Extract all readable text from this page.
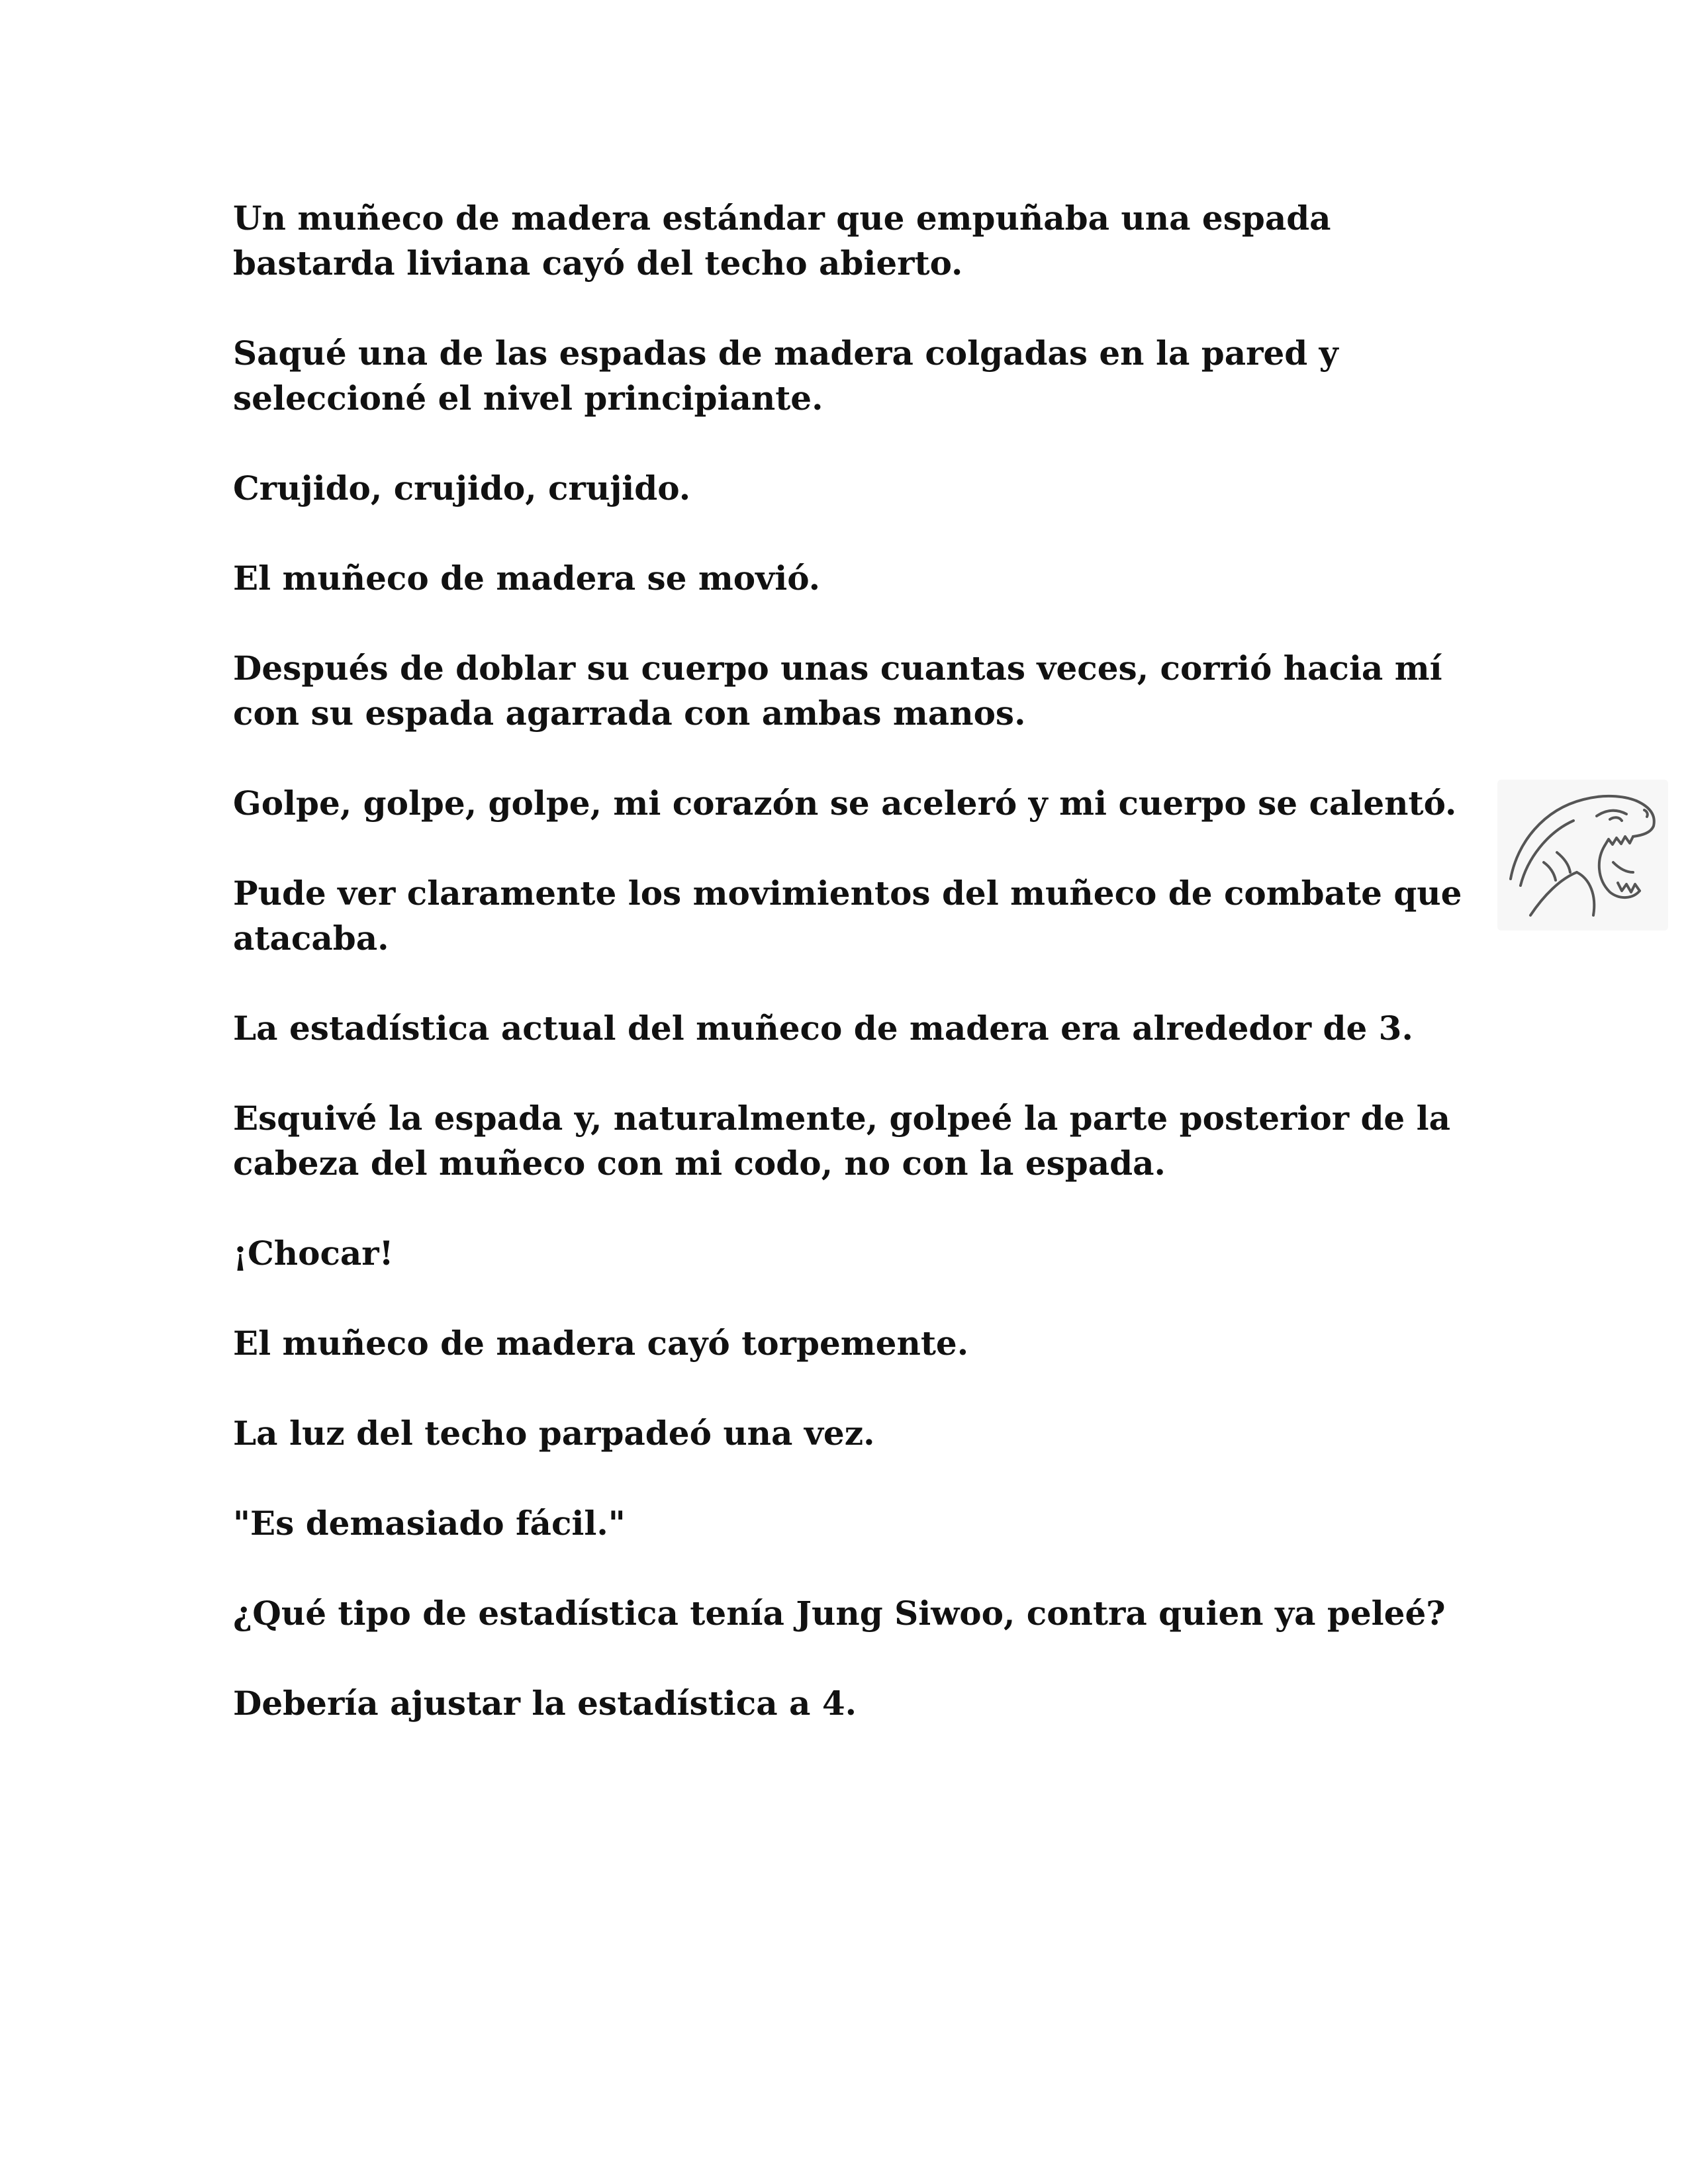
Un muñeco de madera estándar que empuñaba una espada bastarda liviana cayó del techo abierto.

Saqué una de las espadas de madera colgadas en la pared y seleccioné el nivel principiante.

Crujido, crujido, crujido.

El muñeco de madera se movió.

Después de doblar su cuerpo unas cuantas veces, corrió hacia mí con su espada agarrada con ambas manos.

Golpe, golpe, golpe, mi corazón se aceleró y mi cuerpo se calentó.

Pude ver claramente los movimientos del muñeco de combate que atacaba.

La estadística actual del muñeco de madera era alrededor de 3.

Esquivé la espada y, naturalmente, golpeé la parte posterior de la cabeza del muñeco con mi codo, no con la espada.

¡Chocar!

El muñeco de madera cayó torpemente.

La luz del techo parpadeó una vez.

"Es demasiado fácil."

¿Qué tipo de estadística tenía Jung Siwoo, contra quien ya peleé?

Debería ajustar la estadística a 4.
